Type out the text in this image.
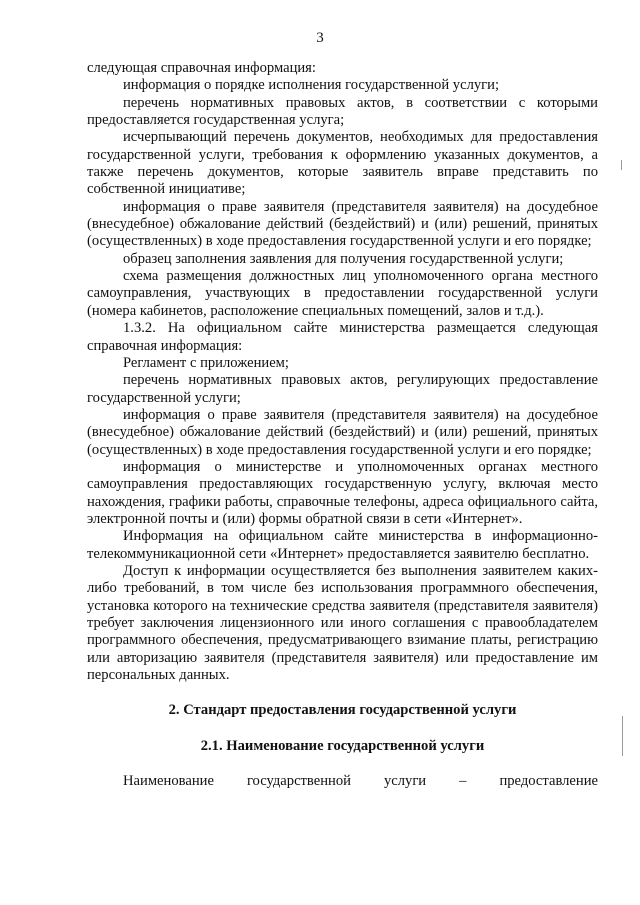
3

следующая справочная информация:

информация о порядке исполнения государственной услуги;

перечень нормативных правовых актов, в соответствии с которыми предоставляется государственная услуга;

исчерпывающий перечень документов, необходимых для предоставления государственной услуги, требования к оформлению указанных документов, а также перечень документов, которые заявитель вправе представить по собственной инициативе;

информация о праве заявителя (представителя заявителя) на досудебное (внесудебное) обжалование действий (бездействий) и (или) решений, принятых (осуществленных) в ходе предоставления государственной услуги и его порядке;

образец заполнения заявления для получения государственной услуги;

схема размещения должностных лиц уполномоченного органа местного самоуправления, участвующих в предоставлении государственной услуги (номера кабинетов, расположение специальных помещений, залов и т.д.).

1.3.2. На официальном сайте министерства размещается следующая справочная информация:

Регламент с приложением;

перечень нормативных правовых актов, регулирующих предоставление государственной услуги;

информация о праве заявителя (представителя заявителя) на досудебное (внесудебное) обжалование действий (бездействий) и (или) решений, принятых (осуществленных) в ходе предоставления государственной услуги и его порядке;

информация о министерстве и уполномоченных органах местного самоуправления предоставляющих государственную услугу, включая место нахождения, графики работы, справочные телефоны, адреса официального сайта, электронной почты и (или) формы обратной связи в сети «Интернет».

Информация на официальном сайте министерства в информационно-телекоммуникационной сети «Интернет» предоставляется заявителю бесплатно.

Доступ к информации осуществляется без выполнения заявителем каких-либо требований, в том числе без использования программного обеспечения, установка которого на технические средства заявителя (представителя заявителя) требует заключения лицензионного или иного соглашения с правообладателем программного обеспечения, предусматривающего взимание платы, регистрацию или авторизацию заявителя (представителя заявителя) или предоставление им персональных данных.

2. Стандарт предоставления государственной услуги

2.1. Наименование государственной услуги

Наименование государственной услуги – предоставление
